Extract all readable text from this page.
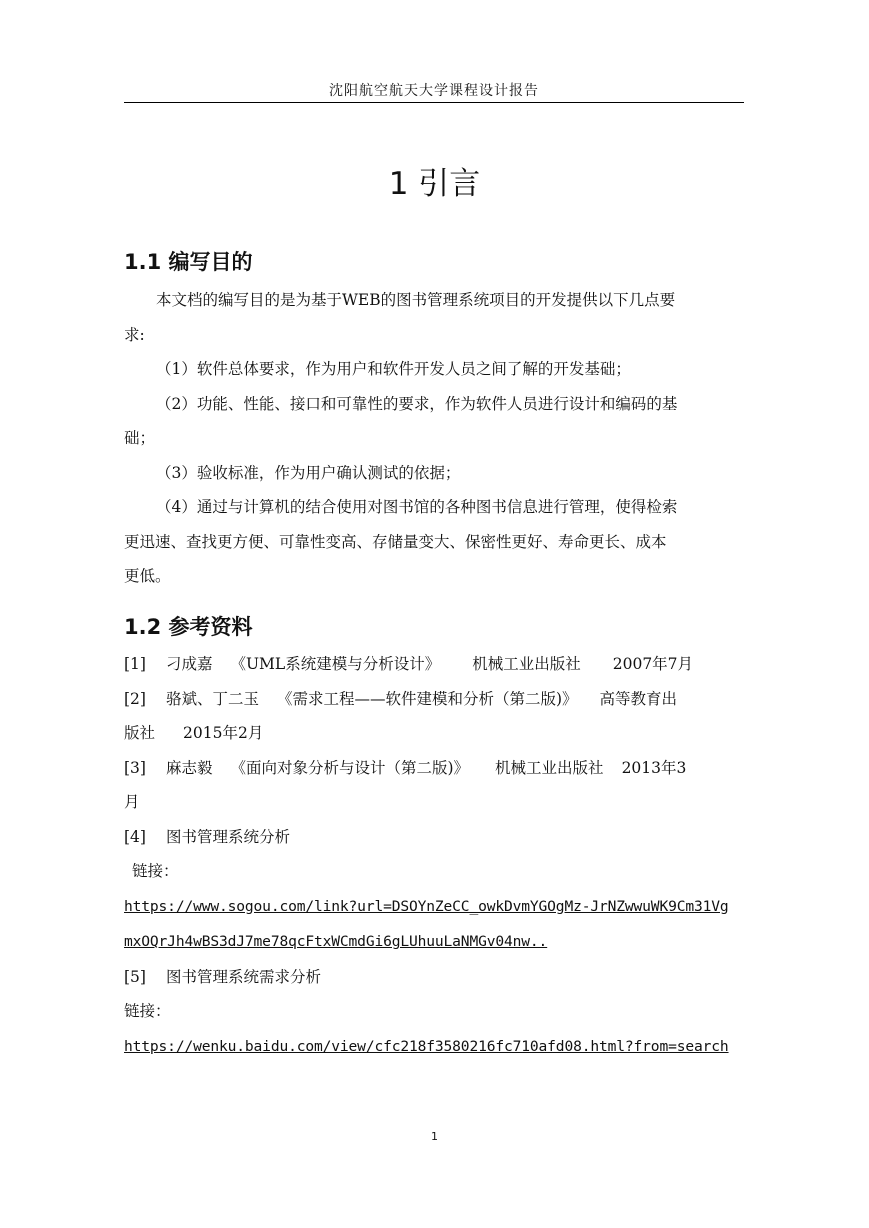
沈阳航空航天大学课程设计报告
1 引言
1.1 编写目的
本文档的编写目的是为基于WEB的图书管理系统项目的开发提供以下几点要
求:
（1）软件总体要求，作为用户和软件开发人员之间了解的开发基础；
（2）功能、性能、接口和可靠性的要求，作为软件人员进行设计和编码的基
础；
（3）验收标准，作为用户确认测试的依据；
（4）通过与计算机的结合使用对图书馆的各种图书信息进行管理，使得检索
更迅速、查找更方便、可靠性变高、存储量变大、保密性更好、寿命更长、成本
更低。
1.2 参考资料
[1] 刁成嘉 《UML系统建模与分析设计》 机械工业出版社 2007年7月
[2] 骆斌、丁二玉 《需求工程——软件建模和分析（第二版)》 高等教育出
版社 2015年2月
[3] 麻志毅 《面向对象分析与设计（第二版)》 机械工业出版社 2013年3
月
[4] 图书管理系统分析
链接：
https://www.sogou.com/link?url=DSOYnZeCC_owkDvmYGOgMz-JrNZwwuWK9Cm31Vg
mxOQrJh4wBS3dJ7me78qcFtxWCmdGi6gLUhuuLaNMGv04nw..
[5] 图书管理系统需求分析
链接：
https://wenku.baidu.com/view/cfc218f3580216fc710afd08.html?from=search
1
